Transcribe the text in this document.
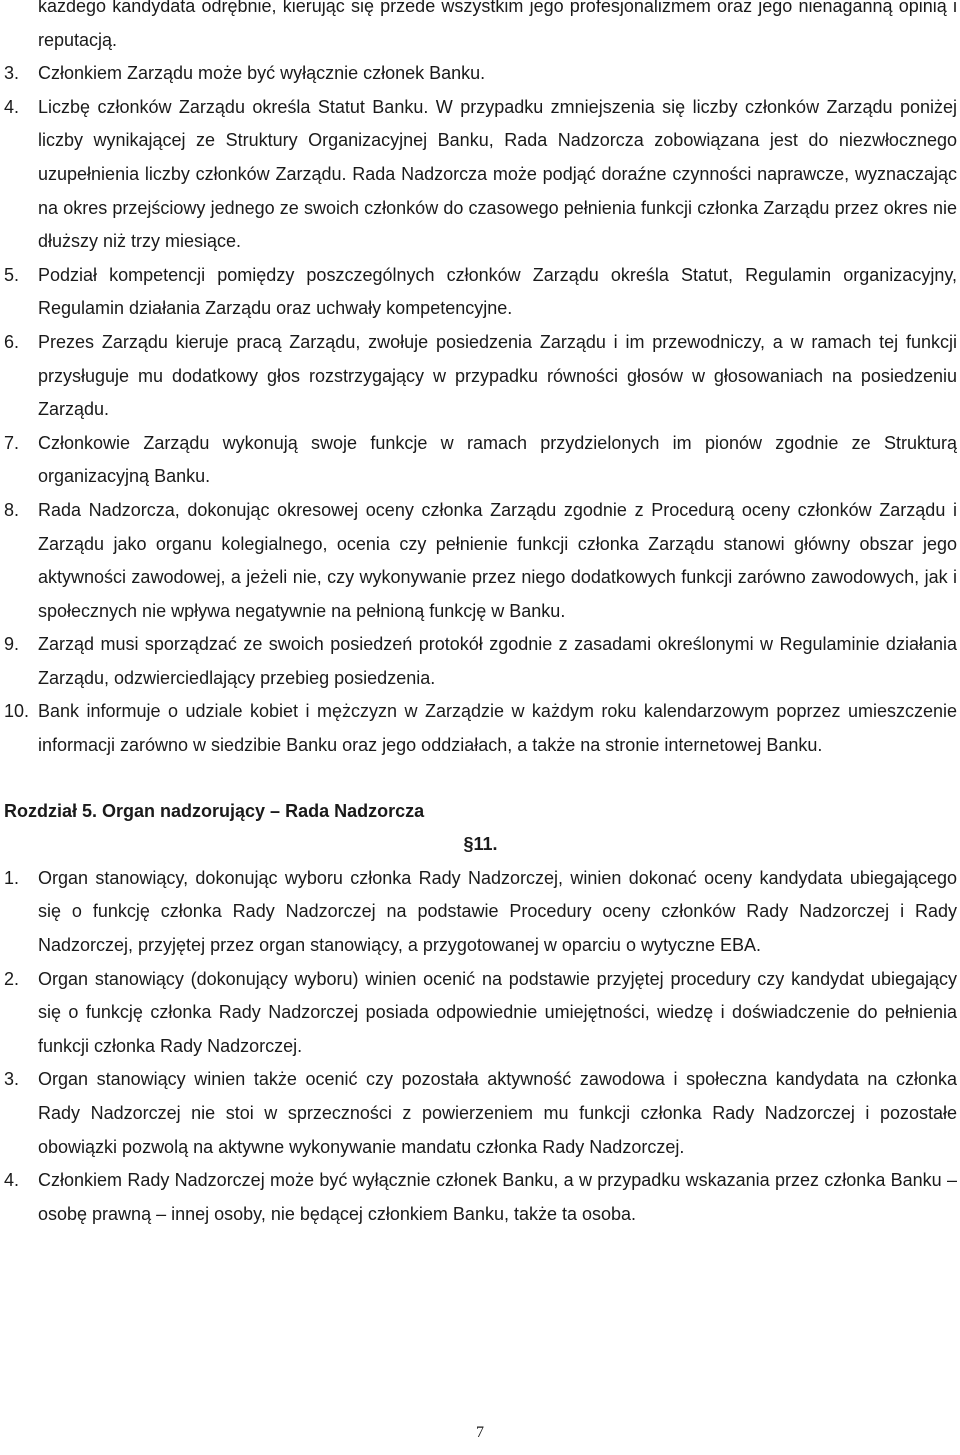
każdego kandydata odrębnie, kierując się przede wszystkim jego profesjonalizmem oraz jego nienaganną opinią i reputacją.

3.	Członkiem Zarządu może być wyłącznie członek Banku.

4.	Liczbę członków Zarządu określa Statut Banku. W przypadku zmniejszenia się liczby członków Zarządu poniżej liczby wynikającej ze Struktury Organizacyjnej Banku, Rada Nadzorcza zobowiązana jest do niezwłocznego uzupełnienia liczby członków Zarządu. Rada Nadzorcza może podjąć doraźne czynności naprawcze, wyznaczając na okres przejściowy jednego ze swoich członków do czasowego pełnienia funkcji członka Zarządu przez okres nie dłuższy niż trzy miesiące.

5.	Podział kompetencji pomiędzy poszczególnych członków Zarządu określa Statut, Regulamin organizacyjny, Regulamin działania Zarządu oraz uchwały kompetencyjne.

6.	Prezes Zarządu kieruje pracą Zarządu, zwołuje posiedzenia Zarządu i im przewodniczy, a w ramach tej funkcji przysługuje mu dodatkowy głos rozstrzygający w przypadku równości głosów w głosowaniach na posiedzeniu Zarządu.

7.	Członkowie Zarządu wykonują swoje funkcje w ramach przydzielonych im pionów zgodnie ze Strukturą organizacyjną Banku.

8.	Rada Nadzorcza, dokonując okresowej oceny członka Zarządu zgodnie z Procedurą oceny członków Zarządu i Zarządu jako organu kolegialnego, ocenia czy pełnienie funkcji członka Zarządu stanowi główny obszar jego aktywności zawodowej, a jeżeli nie, czy wykonywanie przez niego dodatkowych funkcji zarówno zawodowych, jak i społecznych nie wpływa negatywnie na pełnioną funkcję w Banku.

9.	Zarząd musi sporządzać ze swoich posiedzeń protokół zgodnie z zasadami określonymi w Regulaminie działania Zarządu, odzwierciedlający przebieg posiedzenia.

10. Bank informuje o udziale kobiet i mężczyzn w Zarządzie w każdym roku kalendarzowym poprzez umieszczenie informacji zarówno w siedzibie Banku oraz jego oddziałach, a także na stronie internetowej Banku.

Rozdział 5. Organ nadzorujący – Rada Nadzorcza

§11.

1.	Organ stanowiący, dokonując wyboru członka Rady Nadzorczej, winien dokonać oceny kandydata ubiegającego się o funkcję członka Rady Nadzorczej na podstawie Procedury oceny członków Rady Nadzorczej i Rady Nadzorczej, przyjętej przez organ stanowiący, a przygotowanej w oparciu o wytyczne EBA.

2.	Organ stanowiący (dokonujący wyboru) winien ocenić na podstawie przyjętej procedury czy kandydat ubiegający się o funkcję członka Rady Nadzorczej posiada odpowiednie umiejętności, wiedzę i doświadczenie do pełnienia funkcji członka Rady Nadzorczej.

3.	Organ stanowiący winien także ocenić czy pozostała aktywność zawodowa i społeczna kandydata na członka Rady Nadzorczej nie stoi w sprzeczności z powierzeniem mu funkcji członka Rady Nadzorczej i pozostałe obowiązki pozwolą na aktywne wykonywanie mandatu członka Rady Nadzorczej.

4.	Członkiem Rady Nadzorczej może być wyłącznie członek Banku, a w przypadku wskazania przez członka Banku – osobę prawną – innej osoby, nie będącej członkiem Banku, także ta osoba.

7
